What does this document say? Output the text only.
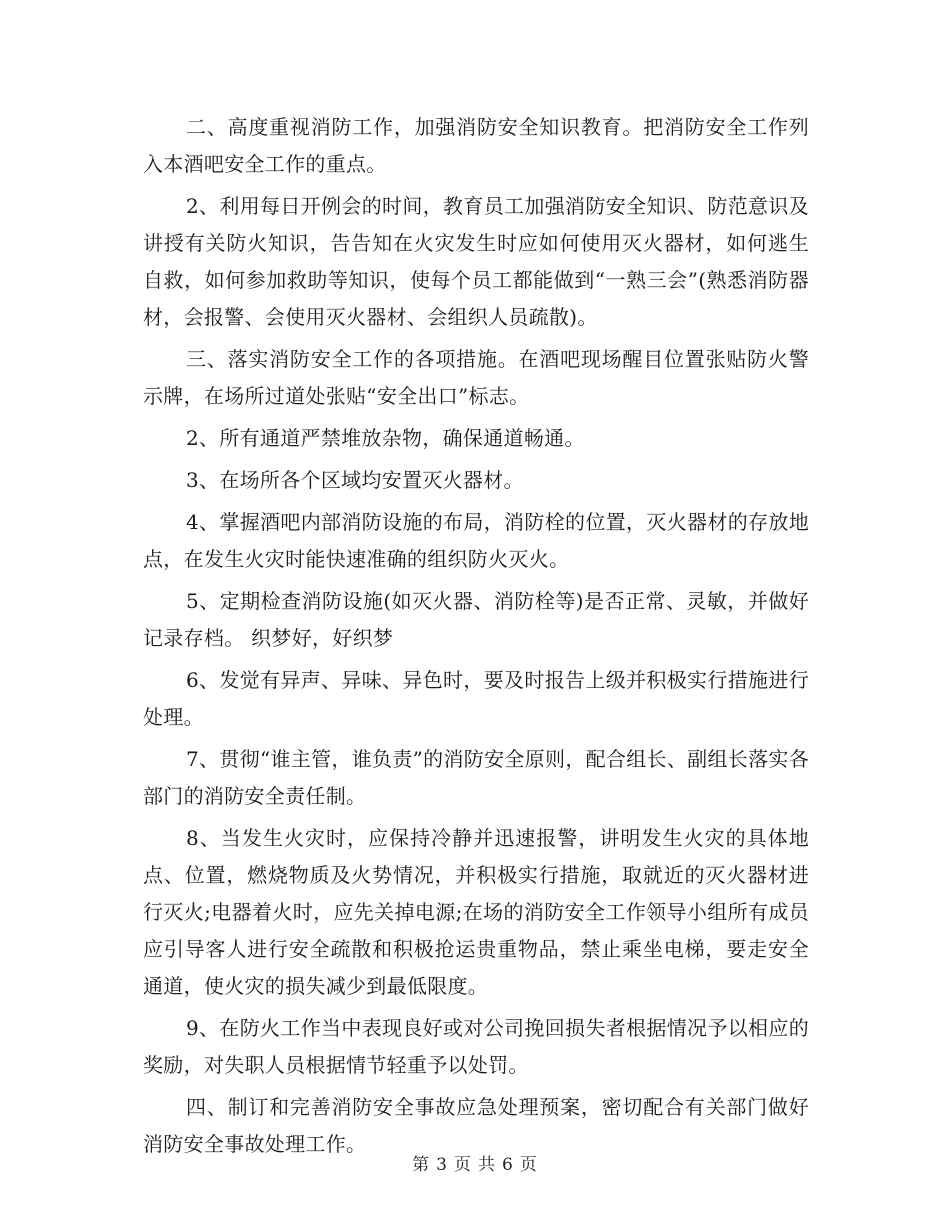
二、高度重视消防工作，加强消防安全知识教育。把消防安全工作列入本酒吧安全工作的重点。

2、利用每日开例会的时间，教育员工加强消防安全知识、防范意识及讲授有关防火知识，告告知在火灾发生时应如何使用灭火器材，如何逃生自救，如何参加救助等知识，使每个员工都能做到“一熟三会”(熟悉消防器材，会报警、会使用灭火器材、会组织人员疏散)。

三、落实消防安全工作的各项措施。在酒吧现场醒目位置张贴防火警示牌，在场所过道处张贴“安全出口”标志。

2、所有通道严禁堆放杂物，确保通道畅通。

3、在场所各个区域均安置灭火器材。

4、掌握酒吧内部消防设施的布局，消防栓的位置，灭火器材的存放地点，在发生火灾时能快速准确的组织防火灭火。

5、定期检查消防设施(如灭火器、消防栓等)是否正常、灵敏，并做好记录存档。 织梦好，好织梦

6、发觉有异声、异味、异色时，要及时报告上级并积极实行措施进行处理。

7、贯彻“谁主管，谁负责”的消防安全原则，配合组长、副组长落实各部门的消防安全责任制。

8、当发生火灾时，应保持冷静并迅速报警，讲明发生火灾的具体地点、位置，燃烧物质及火势情况，并积极实行措施，取就近的灭火器材进行灭火;电器着火时，应先关掉电源;在场的消防安全工作领导小组所有成员应引导客人进行安全疏散和积极抢运贵重物品，禁止乘坐电梯，要走安全通道，使火灾的损失减少到最低限度。

9、在防火工作当中表现良好或对公司挽回损失者根据情况予以相应的奖励，对失职人员根据情节轻重予以处罚。

四、制订和完善消防安全事故应急处理预案，密切配合有关部门做好消防安全事故处理工作。

第 3 页 共 6 页
